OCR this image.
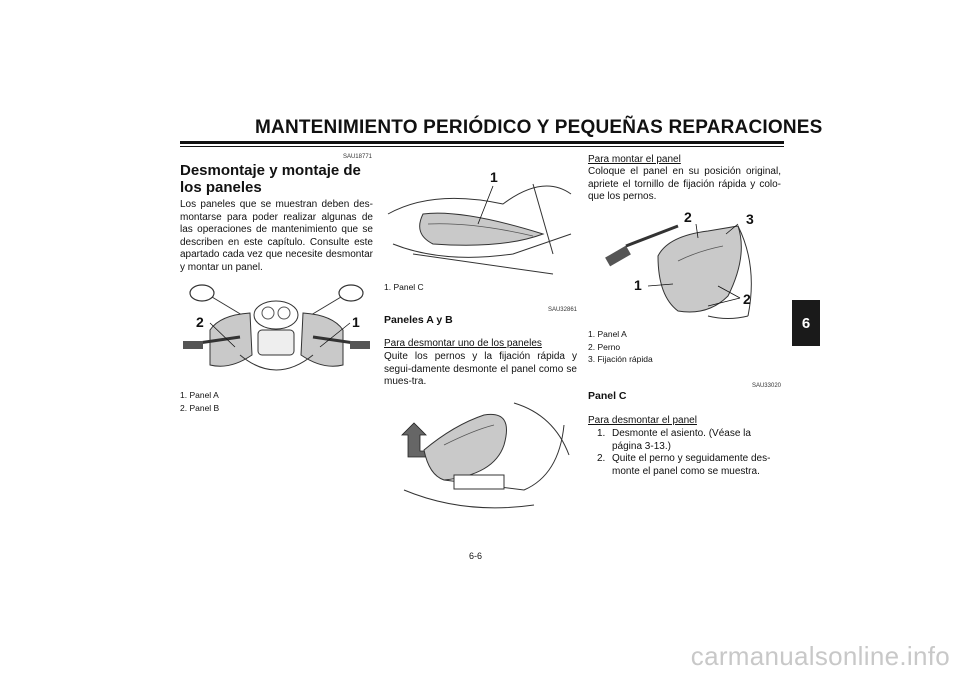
MANTENIMIENTO PERIÓDICO Y PEQUEÑAS REPARACIONES
6
SAU18771
Desmontaje y montaje de los paneles
Los paneles que se muestran deben des-montarse para poder realizar algunas de las operaciones de mantenimiento que se describen en este capítulo. Consulte este apartado cada vez que necesite desmontar y montar un panel.
2	1
1. Panel A
2. Panel B
1
1. Panel C
SAU32861
Paneles A y B
Para desmontar uno de los paneles
Quite los pernos y la fijación rápida y segui-damente desmonte el panel como se mues-tra.
Para montar el panel
Coloque el panel en su posición original, apriete el tornillo de fijación rápida y colo-que los pernos.
1
2	3
2
1. Panel A
2. Perno
3. Fijación rápida
SAU33020
Panel C
Para desmontar el panel
1. Desmonte el asiento. (Véase la página 3-13.)
2. Quite el perno y seguidamente des-monte el panel como se muestra.
6-6
carmanualsonline.info
